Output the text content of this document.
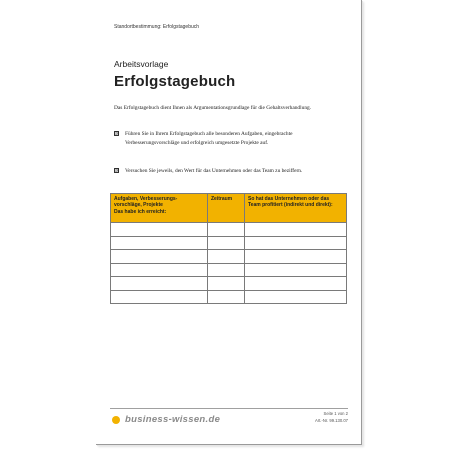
Standortbestimmung: Erfolgstagebuch
Arbeitsvorlage
Erfolgstagebuch
Das Erfolgstagebuch dient Ihnen als Argumentationsgrundlage für die Gehaltsverhandlung.
☒ Führen Sie in Ihrem Erfolgstagebuch alle besonderen Aufgaben, eingebrachte Verbesserungsvorschläge und erfolgreich umgesetzte Projekte auf.
☒ Versuchen Sie jeweils, den Wert für das Unternehmen oder das Team zu beziffern.
Aufgaben, Verbesserungs-vorschläge, Projekte
Das habe ich erreicht:	Zeitraum	So hat das Unternehmen oder das Team profitiert (indirekt und direkt):

business-wissen.de
Seite 1 von 2
Art.-Nr. 99.130.07
